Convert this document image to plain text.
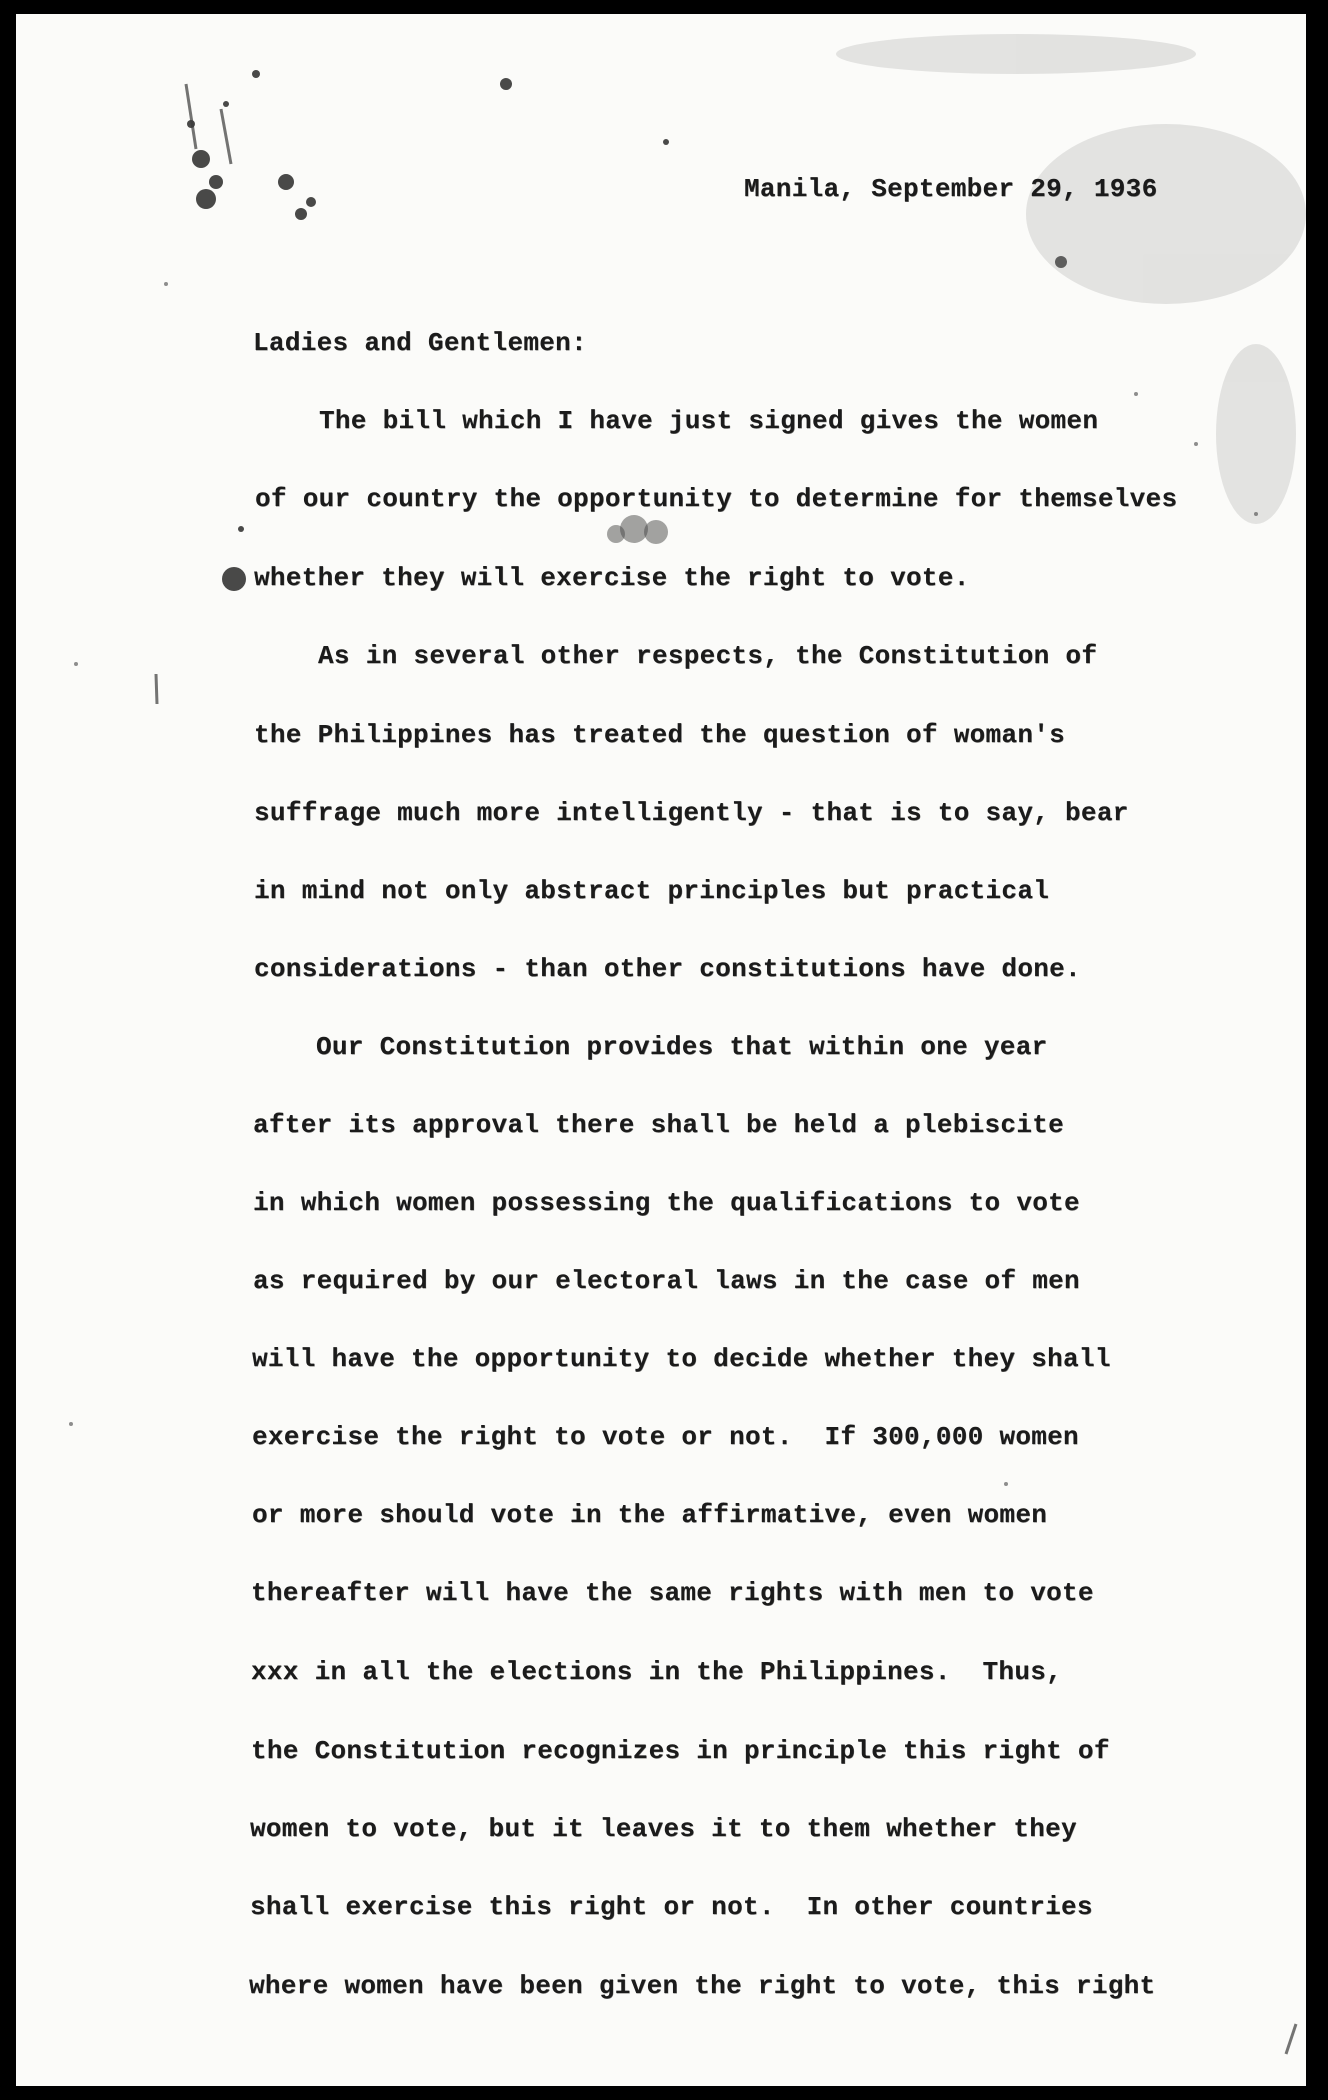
Manila, September 29, 1936
Ladies and Gentlemen:
The bill which I have just signed gives the women
of our country the opportunity to determine for themselves
whether they will exercise the right to vote.
As in several other respects, the Constitution of
the Philippines has treated the question of woman's
suffrage much more intelligently - that is to say, bear
in mind not only abstract principles but practical
considerations - than other constitutions have done.
Our Constitution provides that within one year
after its approval there shall be held a plebiscite
in which women possessing the qualifications to vote
as required by our electoral laws in the case of men
will have the opportunity to decide whether they shall
exercise the right to vote or not.  If 300,000 women
or more should vote in the affirmative, even women
thereafter will have the same rights with men to vote
xxx in all the elections in the Philippines.  Thus,
the Constitution recognizes in principle this right of
women to vote, but it leaves it to them whether they
shall exercise this right or not.  In other countries
where women have been given the right to vote, this right
